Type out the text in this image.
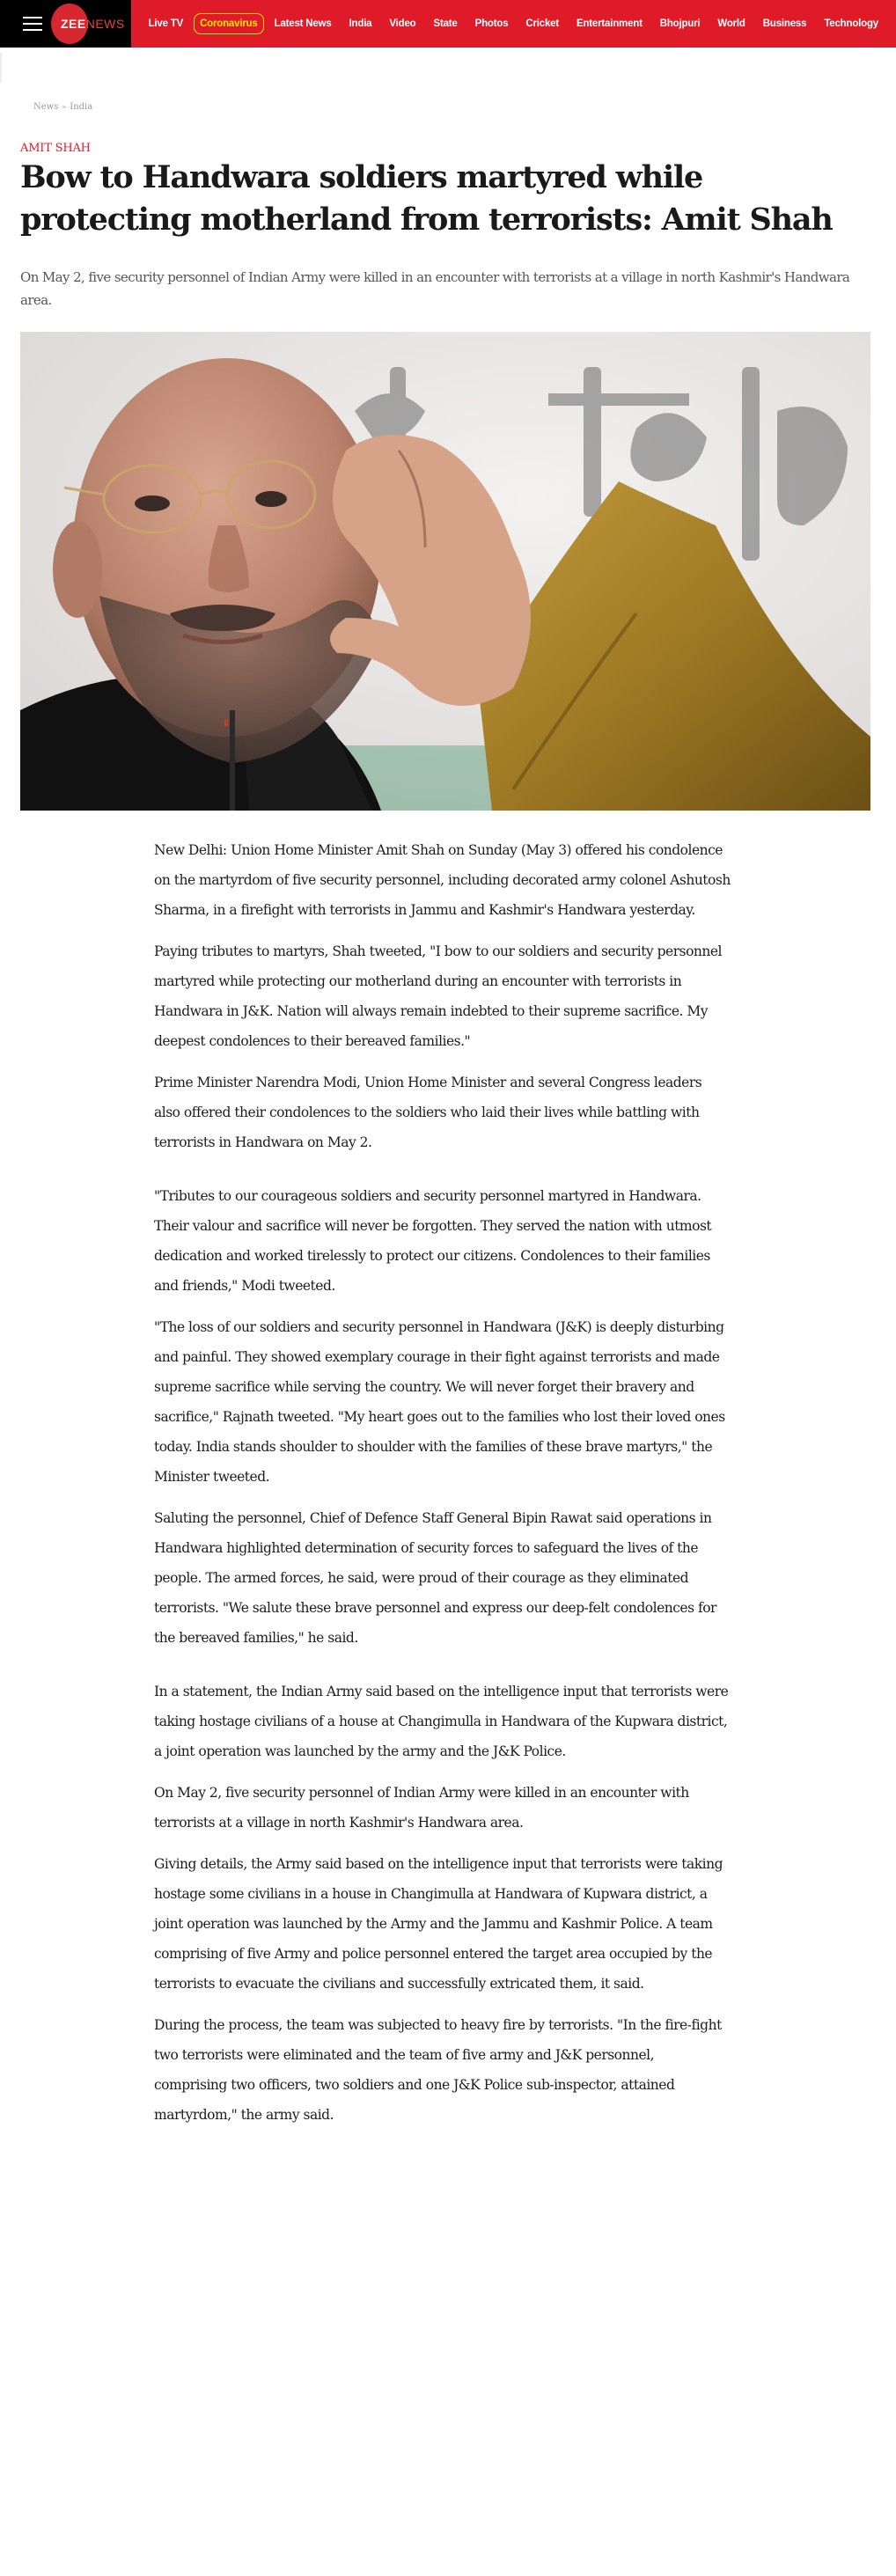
ZEENEWS Live TV	Coronavirus	Latest News India Video State Photos Cricket Entertainment Bhojpuri World Business Technology
News » India
AMIT SHAH
Bow to Handwara soldiers martyred while protecting motherland from terrorists: Amit Shah

On May 2, five security personnel of Indian Army were killed in an encounter with terrorists at a village in north Kashmir's Handwara area.

New Delhi: Union Home Minister Amit Shah on Sunday (May 3) offered his condolence on the martyrdom of five security personnel, including decorated army colonel Ashutosh Sharma, in a firefight with terrorists in Jammu and Kashmir's Handwara yesterday.

Paying tributes to martyrs, Shah tweeted, "I bow to our soldiers and security personnel martyred while protecting our motherland during an encounter with terrorists in Handwara in J&K. Nation will always remain indebted to their supreme sacrifice. My deepest condolences to their bereaved families."

Prime Minister Narendra Modi, Union Home Minister and several Congress leaders also offered their condolences to the soldiers who laid their lives while battling with terrorists in Handwara on May 2.

"Tributes to our courageous soldiers and security personnel martyred in Handwara. Their valour and sacrifice will never be forgotten. They served the nation with utmost dedication and worked tirelessly to protect our citizens. Condolences to their families and friends," Modi tweeted.

"The loss of our soldiers and security personnel in Handwara (J&K) is deeply disturbing and painful. They showed exemplary courage in their fight against terrorists and made supreme sacrifice while serving the country. We will never forget their bravery and sacrifice," Rajnath tweeted. "My heart goes out to the families who lost their loved ones today. India stands shoulder to shoulder with the families of these brave martyrs," the Minister tweeted.

Saluting the personnel, Chief of Defence Staff General Bipin Rawat said operations in Handwara highlighted determination of security forces to safeguard the lives of the people. The armed forces, he said, were proud of their courage as they eliminated terrorists. "We salute these brave personnel and express our deep-felt condolences for the bereaved families," he said.

In a statement, the Indian Army said based on the intelligence input that terrorists were taking hostage civilians of a house at Changimulla in Handwara of the Kupwara district, a joint operation was launched by the army and the J&K Police.

On May 2, five security personnel of Indian Army were killed in an encounter with terrorists at a village in north Kashmir's Handwara area.

Giving details, the Army said based on the intelligence input that terrorists were taking hostage some civilians in a house in Changimulla at Handwara of Kupwara district, a joint operation was launched by the Army and the Jammu and Kashmir Police. A team comprising of five Army and police personnel entered the target area occupied by the terrorists to evacuate the civilians and successfully extricated them, it said.

During the process, the team was subjected to heavy fire by terrorists. "In the fire-fight two terrorists were eliminated and the team of five army and J&K personnel, comprising two officers, two soldiers and one J&K Police sub-inspector, attained martyrdom," the army said.
